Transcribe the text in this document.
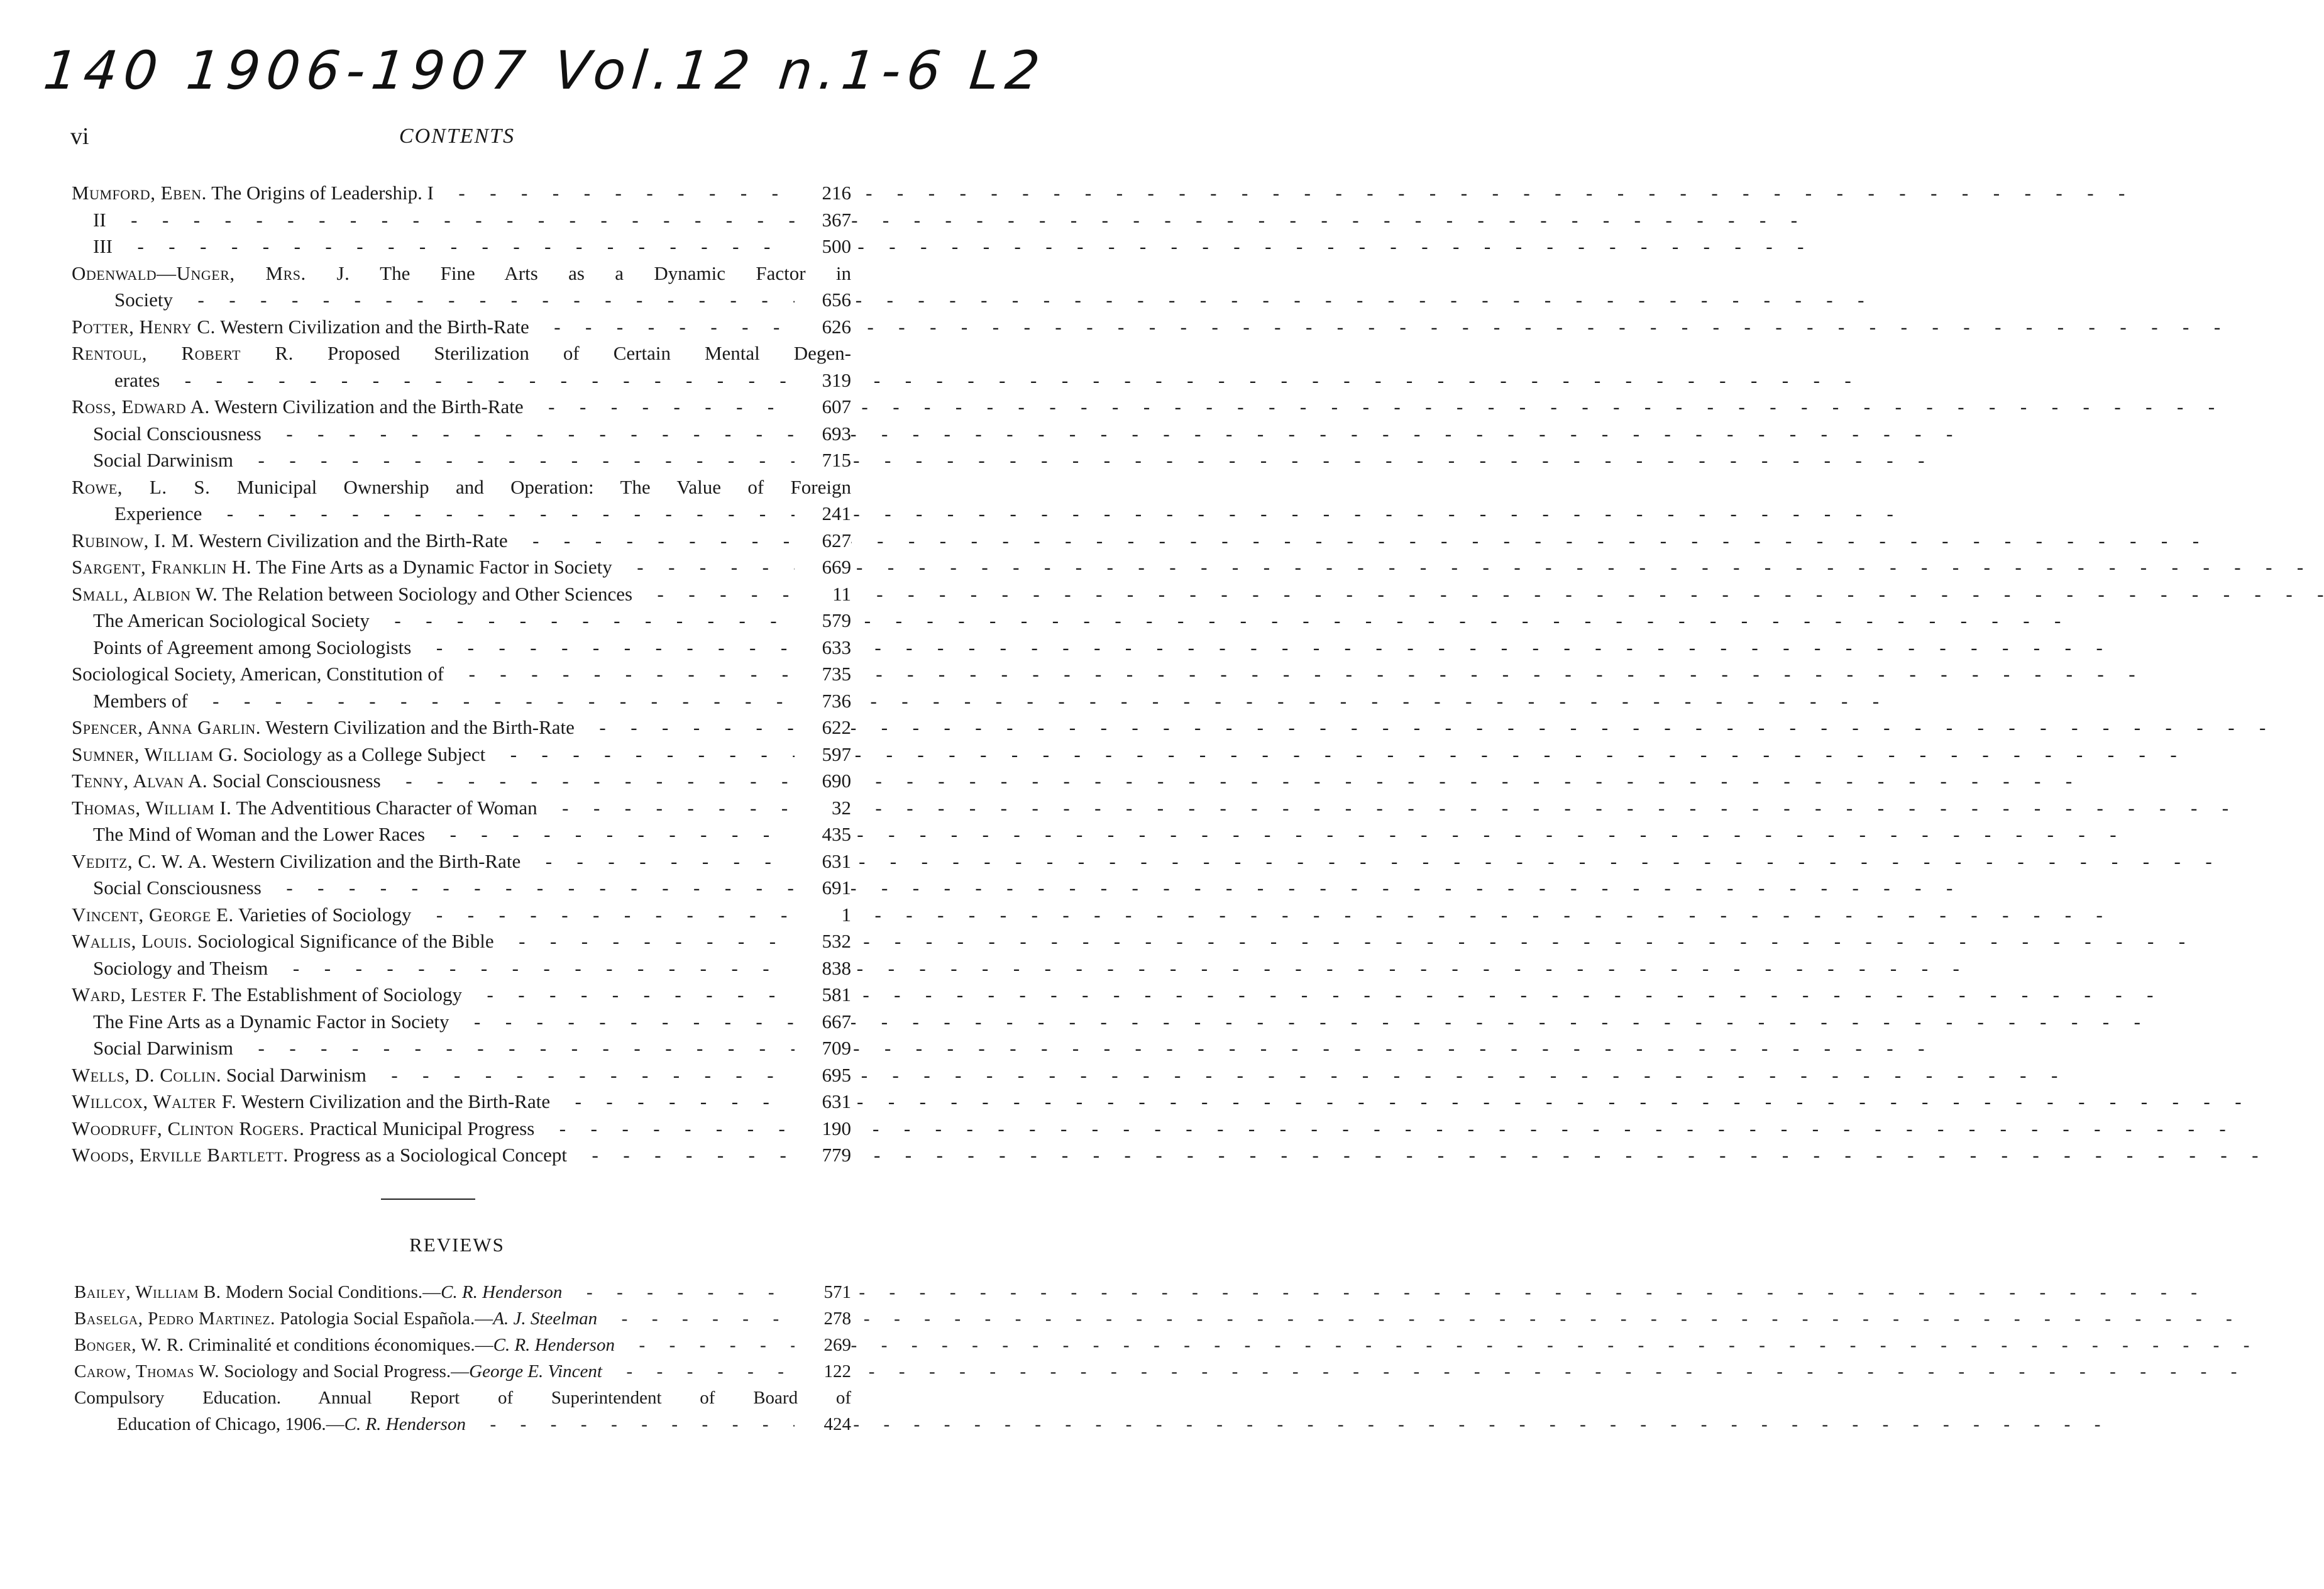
140 1906-1907 Vol.12 n.1-6 L2
vi	CONTENTS
Mumford, Eben. The Origins of Leadership. I - -	216
II - -	367
III - -	500
Odenwald—Unger, Mrs. J. The Fine Arts as a Dynamic Factor in
Society - -	656
Potter, Henry C. Western Civilization and the Birth-Rate - -	626
Rentoul, Robert R. Proposed Sterilization of Certain Mental Degen-
erates - -	319
Ross, Edward A. Western Civilization and the Birth-Rate - -	607
Social Consciousness - -	693
Social Darwinism - -	715
Rowe, L. S. Municipal Ownership and Operation: The Value of Foreign
Experience - -	241
Rubinow, I. M. Western Civilization and the Birth-Rate - -	627
Sargent, Franklin H. The Fine Arts as a Dynamic Factor in Society - -	669
Small, Albion W. The Relation between Sociology and Other Sciences - -	11
The American Sociological Society - -	579
Points of Agreement among Sociologists - -	633
Sociological Society, American, Constitution of - -	735
Members of - -	736
Spencer, Anna Garlin. Western Civilization and the Birth-Rate - -	622
Sumner, William G. Sociology as a College Subject - -	597
Tenny, Alvan A. Social Consciousness - -	690
Thomas, William I. The Adventitious Character of Woman - -	32
The Mind of Woman and the Lower Races - -	435
Veditz, C. W. A. Western Civilization and the Birth-Rate - -	631
Social Consciousness - -	691
Vincent, George E. Varieties of Sociology - -	1
Wallis, Louis. Sociological Significance of the Bible - -	532
Sociology and Theism - -	838
Ward, Lester F. The Establishment of Sociology - -	581
The Fine Arts as a Dynamic Factor in Society - -	667
Social Darwinism - -	709
Wells, D. Collin. Social Darwinism - -	695
Willcox, Walter F. Western Civilization and the Birth-Rate - -	631
Woodruff, Clinton Rogers. Practical Municipal Progress - -	190
Woods, Erville Bartlett. Progress as a Sociological Concept - -	779
REVIEWS
Bailey, William B. Modern Social Conditions.—C. R. Henderson - -	571
Baselga, Pedro Martinez. Patologia Social Española.—A. J. Steelman - -	278
Bonger, W. R. Criminalité et conditions économiques.—C. R. Henderson - -	269
Carow, Thomas W. Sociology and Social Progress.—George E. Vincent - -	122
Compulsory Education. Annual Report of Superintendent of Board of
Education of Chicago, 1906.—C. R. Henderson - -	424
